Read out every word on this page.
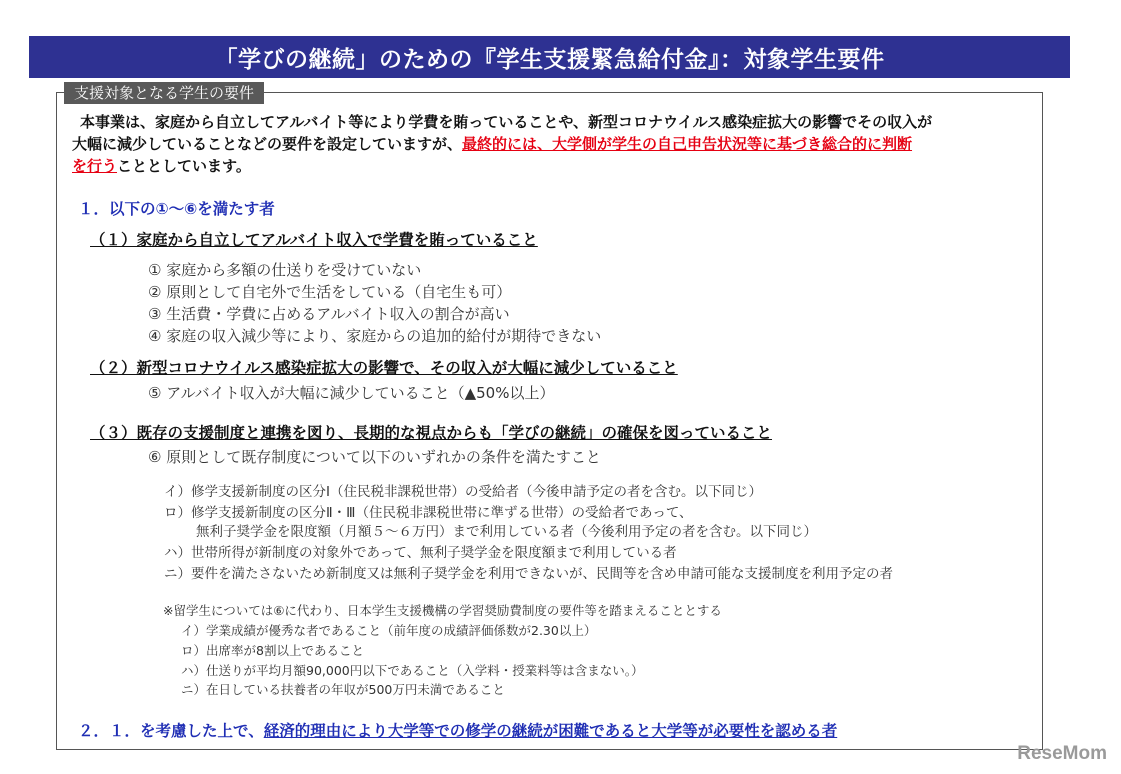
「学びの継続」のための『学生支援緊急給付金』：対象学生要件
支援対象となる学生の要件
本事業は、家庭から自立してアルバイト等により学費を賄っていることや、新型コロナウイルス感染症拡大の影響でその収入が
大幅に減少していることなどの要件を設定していますが、最終的には、大学側が学生の自己申告状況等に基づき総合的に判断
を行うこととしています。
１．以下の①～⑥を満たす者
（１）家庭から自立してアルバイト収入で学費を賄っていること
① 家庭から多額の仕送りを受けていない
② 原則として自宅外で生活をしている（自宅生も可）
③ 生活費・学費に占めるアルバイト収入の割合が高い
④ 家庭の収入減少等により、家庭からの追加的給付が期待できない
（２）新型コロナウイルス感染症拡大の影響で、その収入が大幅に減少していること
⑤ アルバイト収入が大幅に減少していること（▲50%以上）
（３）既存の支援制度と連携を図り、長期的な視点からも「学びの継続」の確保を図っていること
⑥ 原則として既存制度について以下のいずれかの条件を満たすこと
イ）修学支援新制度の区分Ⅰ（住民税非課税世帯）の受給者（今後申請予定の者を含む。以下同じ）
ロ）修学支援新制度の区分Ⅱ・Ⅲ（住民税非課税世帯に準ずる世帯）の受給者であって、
無利子奨学金を限度額（月額５～６万円）まで利用している者（今後利用予定の者を含む。以下同じ）
ハ）世帯所得が新制度の対象外であって、無利子奨学金を限度額まで利用している者
ニ）要件を満たさないため新制度又は無利子奨学金を利用できないが、民間等を含め申請可能な支援制度を利用予定の者
※留学生については⑥に代わり、日本学生支援機構の学習奨励費制度の要件等を踏まえることとする
イ）学業成績が優秀な者であること（前年度の成績評価係数が2.30以上）
ロ）出席率が8割以上であること
ハ）仕送りが平均月額90,000円以下であること（入学料・授業料等は含まない。）
ニ）在日している扶養者の年収が500万円未満であること
２．１．を考慮した上で、経済的理由により大学等での修学の継続が困難であると大学等が必要性を認める者
ReseMom
